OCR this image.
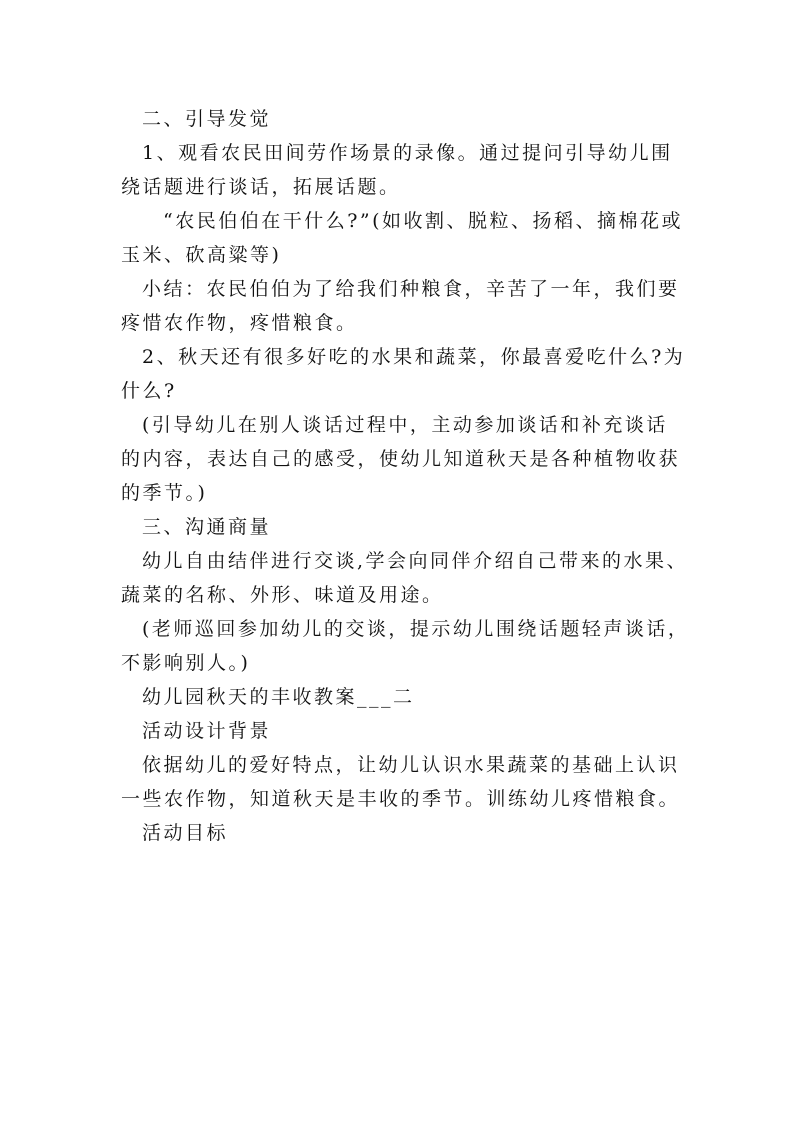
二、引导发觉
1、观看农民田间劳作场景的录像。通过提问引导幼儿围
绕话题进行谈话，拓展话题。
“农民伯伯在干什么?”(如收割、脱粒、扬稻、摘棉花或
玉米、砍高粱等)
小结：农民伯伯为了给我们种粮食，辛苦了一年，我们要
疼惜农作物，疼惜粮食。
2、秋天还有很多好吃的水果和蔬菜，你最喜爱吃什么?为
什么?
(引导幼儿在别人谈话过程中，主动参加谈话和补充谈话
的内容，表达自己的感受，使幼儿知道秋天是各种植物收获
的季节。)
三、沟通商量
幼儿自由结伴进行交谈,学会向同伴介绍自己带来的水果、
蔬菜的名称、外形、味道及用途。
(老师巡回参加幼儿的交谈，提示幼儿围绕话题轻声谈话，
不影响别人。)
幼儿园秋天的丰收教案___二
活动设计背景
依据幼儿的爱好特点，让幼儿认识水果蔬菜的基础上认识
一些农作物，知道秋天是丰收的季节。训练幼儿疼惜粮食。
活动目标
